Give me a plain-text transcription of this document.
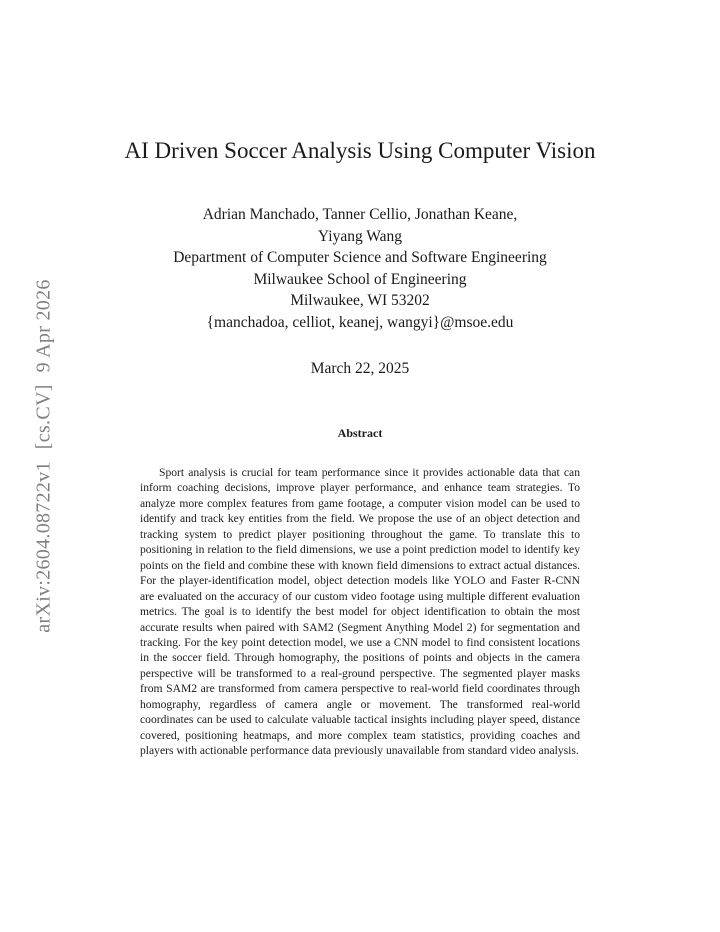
arXiv:2604.08722v1[cs.CV]9 Apr 2026
AI Driven Soccer Analysis Using Computer Vision
Adrian Manchado, Tanner Cellio, Jonathan Keane,
Yiyang Wang
Department of Computer Science and Software Engineering
Milwaukee School of Engineering
Milwaukee, WI 53202
{manchadoa, celliot, keanej, wangyi}@msoe.edu
March 22, 2025
Abstract
Sport analysis is crucial for team performance since it provides actionable data that can inform coaching decisions, improve player performance, and enhance team strategies. To analyze more complex features from game footage, a computer vision model can be used to identify and track key entities from the field. We propose the use of an object detection and tracking system to predict player positioning throughout the game. To translate this to positioning in relation to the field dimensions, we use a point prediction model to identify key points on the field and combine these with known field dimensions to extract actual distances. For the player-identification model, object detection models like YOLO and Faster R-CNN are evaluated on the accuracy of our custom video footage using multiple different evaluation metrics. The goal is to identify the best model for object identification to obtain the most accurate results when paired with SAM2 (Segment Anything Model 2) for segmentation and tracking. For the key point detection model, we use a CNN model to find consistent locations in the soccer field. Through homography, the positions of points and objects in the camera perspective will be transformed to a real-ground perspective. The segmented player masks from SAM2 are transformed from camera perspective to real-world field coordinates through homography, regardless of camera angle or movement. The transformed real-world coordinates can be used to calculate valuable tactical insights including player speed, distance covered, positioning heatmaps, and more complex team statistics, providing coaches and players with actionable performance data previously unavailable from standard video analysis.
